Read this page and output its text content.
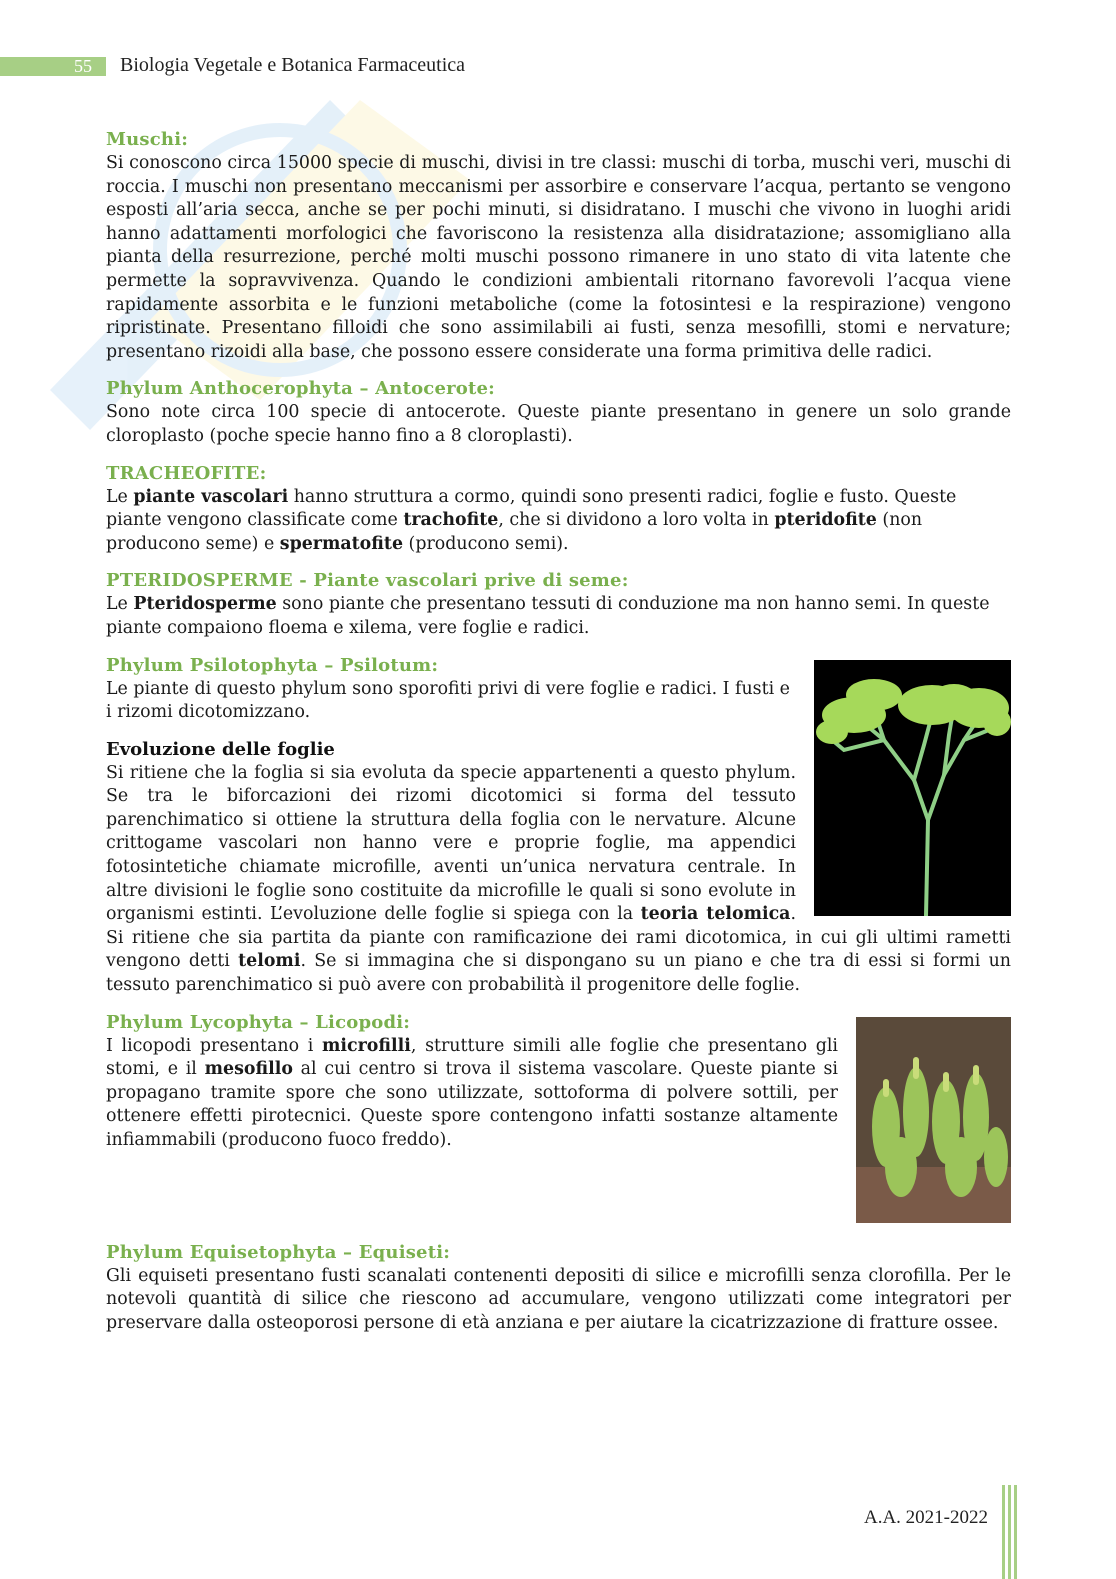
55	Biologia Vegetale e Botanica Farmaceutica
Muschi:

Si conoscono circa 15000 specie di muschi, divisi in tre classi: muschi di torba, muschi veri, muschi di roccia. I muschi non presentano meccanismi per assorbire e conservare l’acqua, pertanto se vengono esposti all’aria secca, anche se per pochi minuti, si disidratano. I muschi che vivono in luoghi aridi hanno adattamenti morfologici che favoriscono la resistenza alla disidratazione; assomigliano alla pianta della resurrezione, perché molti muschi possono rimanere in uno stato di vita latente che permette la sopravvivenza. Quando le condizioni ambientali ritornano favorevoli l’acqua viene rapidamente assorbita e le funzioni metaboliche (come la fotosintesi e la respirazione) vengono ripristinate. Presentano filloidi che sono assimilabili ai fusti, senza mesofilli, stomi e nervature; presentano rizoidi alla base, che possono essere considerate una forma primitiva delle radici.

Phylum Anthocerophyta – Antocerote:

Sono note circa 100 specie di antocerote. Queste piante presentano in genere un solo grande cloroplasto (poche specie hanno fino a 8 cloroplasti).

TRACHEOFITE:

Le piante vascolari hanno struttura a cormo, quindi sono presenti radici, foglie e fusto. Queste piante vengono classificate come trachofite, che si dividono a loro volta in pteridofite (non producono seme) e spermatofite (producono semi).

PTERIDOSPERME - Piante vascolari prive di seme:

Le Pteridosperme sono piante che presentano tessuti di conduzione ma non hanno semi. In queste piante compaiono floema e xilema, vere foglie e radici.

Phylum Psilotophyta – Psilotum:

Le piante di questo phylum sono sporofiti privi di vere foglie e radici. I fusti e i rizomi dicotomizzano.

Evoluzione delle foglie

Si ritiene che la foglia si sia evoluta da specie appartenenti a questo phylum. Se tra le biforcazioni dei rizomi dicotomici si forma del tessuto parenchimatico si ottiene la struttura della foglia con le nervature. Alcune crittogame vascolari non hanno vere e proprie foglie, ma appendici fotosintetiche chiamate microfille, aventi un’unica nervatura centrale. In altre divisioni le foglie sono costituite da microfille le quali si sono evolute in organismi estinti. L’evoluzione delle foglie si spiega con la teoria telomica. Si ritiene che sia partita da piante con ramificazione dei rami dicotomica, in cui gli ultimi rametti vengono detti telomi. Se si immagina che si dispongano su un piano e che tra di essi si formi un tessuto parenchimatico si può avere con probabilità il progenitore delle foglie.

Phylum Lycophyta – Licopodi:

I licopodi presentano i microfilli, strutture simili alle foglie che presentano gli stomi, e il mesofillo al cui centro si trova il sistema vascolare. Queste piante si propagano tramite spore che sono utilizzate, sottoforma di polvere sottili, per ottenere effetti pirotecnici. Queste spore contengono infatti sostanze altamente infiammabili (producono fuoco freddo).

Phylum Equisetophyta – Equiseti:

Gli equiseti presentano fusti scanalati contenenti depositi di silice e microfilli senza clorofilla. Per le notevoli quantità di silice che riescono ad accumulare, vengono utilizzati come integratori per preservare dalla osteoporosi persone di età anziana e per aiutare la cicatrizzazione di fratture ossee.

A.A. 2021-2022
